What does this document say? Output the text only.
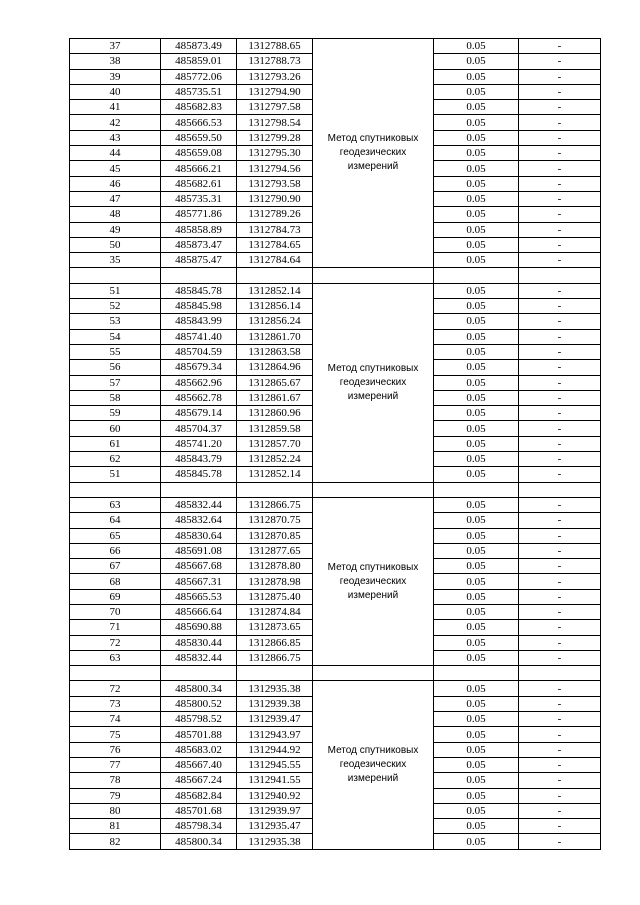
37	485873.49	1312788.65	Метод спутниковых геодезических измерений	0.05	-
38	485859.01	1312788.73		0.05	-
39	485772.06	1312793.26		0.05	-
40	485735.51	1312794.90		0.05	-
41	485682.83	1312797.58		0.05	-
42	485666.53	1312798.54		0.05	-
43	485659.50	1312799.28		0.05	-
44	485659.08	1312795.30		0.05	-
45	485666.21	1312794.56		0.05	-
46	485682.61	1312793.58		0.05	-
47	485735.31	1312790.90		0.05	-
48	485771.86	1312789.26		0.05	-
49	485858.89	1312784.73		0.05	-
50	485873.47	1312784.65		0.05	-
35	485875.47	1312784.64		0.05	-

51	485845.78	1312852.14	Метод спутниковых геодезических измерений	0.05	-
52	485845.98	1312856.14		0.05	-
53	485843.99	1312856.24		0.05	-
54	485741.40	1312861.70		0.05	-
55	485704.59	1312863.58		0.05	-
56	485679.34	1312864.96		0.05	-
57	485662.96	1312865.67		0.05	-
58	485662.78	1312861.67		0.05	-
59	485679.14	1312860.96		0.05	-
60	485704.37	1312859.58		0.05	-
61	485741.20	1312857.70		0.05	-
62	485843.79	1312852.24		0.05	-
51	485845.78	1312852.14		0.05	-

63	485832.44	1312866.75	Метод спутниковых геодезических измерений	0.05	-
64	485832.64	1312870.75		0.05	-
65	485830.64	1312870.85		0.05	-
66	485691.08	1312877.65		0.05	-
67	485667.68	1312878.80		0.05	-
68	485667.31	1312878.98		0.05	-
69	485665.53	1312875.40		0.05	-
70	485666.64	1312874.84		0.05	-
71	485690.88	1312873.65		0.05	-
72	485830.44	1312866.85		0.05	-
63	485832.44	1312866.75		0.05	-

72	485800.34	1312935.38	Метод спутниковых геодезических измерений	0.05	-
73	485800.52	1312939.38		0.05	-
74	485798.52	1312939.47		0.05	-
75	485701.88	1312943.97		0.05	-
76	485683.02	1312944.92		0.05	-
77	485667.40	1312945.55		0.05	-
78	485667.24	1312941.55		0.05	-
79	485682.84	1312940.92		0.05	-
80	485701.68	1312939.97		0.05	-
81	485798.34	1312935.47		0.05	-
82	485800.34	1312935.38		0.05	-
